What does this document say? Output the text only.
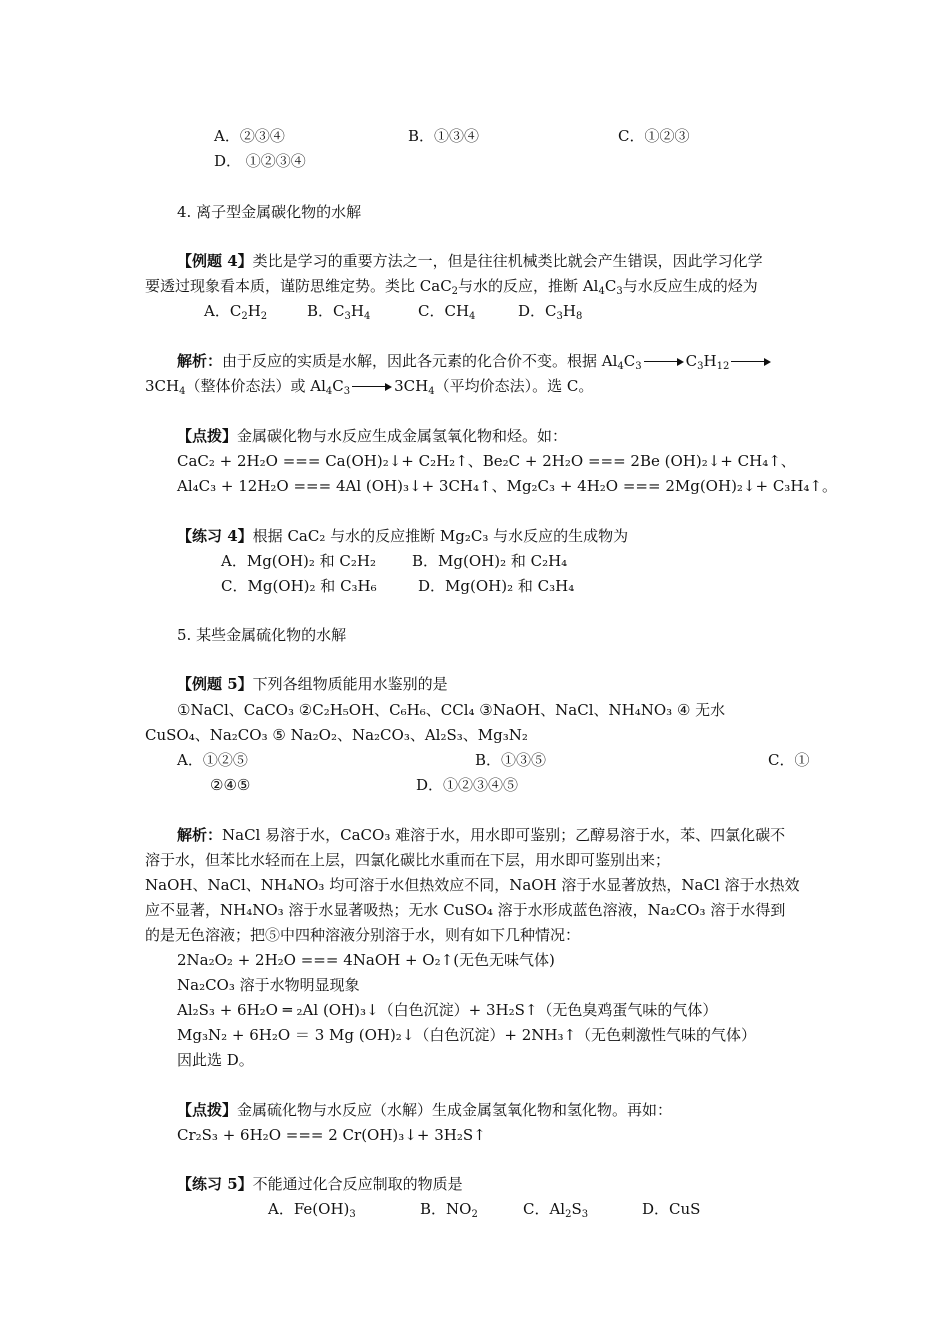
A．②③④	B．①③④	C．①②③
D． ①②③④
4. 离子型金属碳化物的水解
【例题 4】类比是学习的重要方法之一，但是往往机械类比就会产生错误，因此学习化学
要透过现象看本质，谨防思维定势。类比 CaC$_2$与水的反应，推断 $Al_4C_3$与水反应生成的烃为
A．$C_2H_2$	B．$C_3H_4$	C．$CH_4$	D．$C_3H_8$
解析：由于反应的实质是水解，因此各元素的化合价不变。根据 $Al_4C_3$	$C_3H_{12}$
$3CH_4$（整体价态法）或 $Al_4C_3$	$3CH_4$（平均价态法）。选 C。
【点拨】金属碳化物与水反应生成金属氢氧化物和烃。如：
CaC₂ + 2H₂O === Ca(OH)₂↓+ C₂H₂↑、Be₂C + 2H₂O === 2Be (OH)₂↓+ CH₄↑、
Al₄C₃ + 12H₂O === 4Al (OH)₃↓+ 3CH₄↑、Mg₂C₃ + 4H₂O === 2Mg(OH)₂↓+ C₃H₄↑。
【练习 4】根据 CaC₂ 与水的反应推断 Mg₂C₃ 与水反应的生成物为
A．Mg(OH)₂ 和 C₂H₂ B．Mg(OH)₂ 和 C₂H₄
C．Mg(OH)₂ 和 C₃H₆	D．Mg(OH)₂ 和 C₃H₄
5. 某些金属硫化物的水解
【例题 5】下列各组物质能用水鉴别的是
①NaCl、CaCO₃ ②C₂H₅OH、C₆H₆、CCl₄ ③NaOH、NaCl、NH₄NO₃ ④ 无水
CuSO₄、Na₂CO₃ ⑤ Na₂O₂、Na₂CO₃、Al₂S₃、Mg₃N₂
A．①②⑤	B．①③⑤	C．①
②④⑤	D．①②③④⑤
解析：NaCl 易溶于水，CaCO₃ 难溶于水，用水即可鉴别；乙醇易溶于水，苯、四氯化碳不
溶于水，但苯比水轻而在上层，四氯化碳比水重而在下层，用水即可鉴别出来；
NaOH、NaCl、NH₄NO₃ 均可溶于水但热效应不同，NaOH 溶于水显著放热，NaCl 溶于水热效
应不显著，NH₄NO₃ 溶于水显著吸热；无水 CuSO₄ 溶于水形成蓝色溶液，Na₂CO₃ 溶于水得到
的是无色溶液；把⑤中四种溶液分别溶于水，则有如下几种情况：
2Na₂O₂ + 2H₂O === 4NaOH + O₂↑(无色无味气体)
Na₂CO₃ 溶于水物明显现象
Al₂S₃ + 6H₂O ═ ₂Al (OH)₃↓（白色沉淀）+ 3H₂S↑（无色臭鸡蛋气味的气体）
Mg₃N₂ + 6H₂O ＝ 3 Mg (OH)₂↓（白色沉淀）+ 2NH₃↑（无色刺激性气味的气体）
因此选 D。
【点拨】金属硫化物与水反应（水解）生成金属氢氧化物和氢化物。再如：
Cr₂S₃ + 6H₂O === 2 Cr(OH)₃↓+ 3H₂S↑
【练习 5】不能通过化合反应制取的物质是
A．$Fe(OH)_3$	B．$NO_2$	C．$Al_2S_3$	D．CuS
